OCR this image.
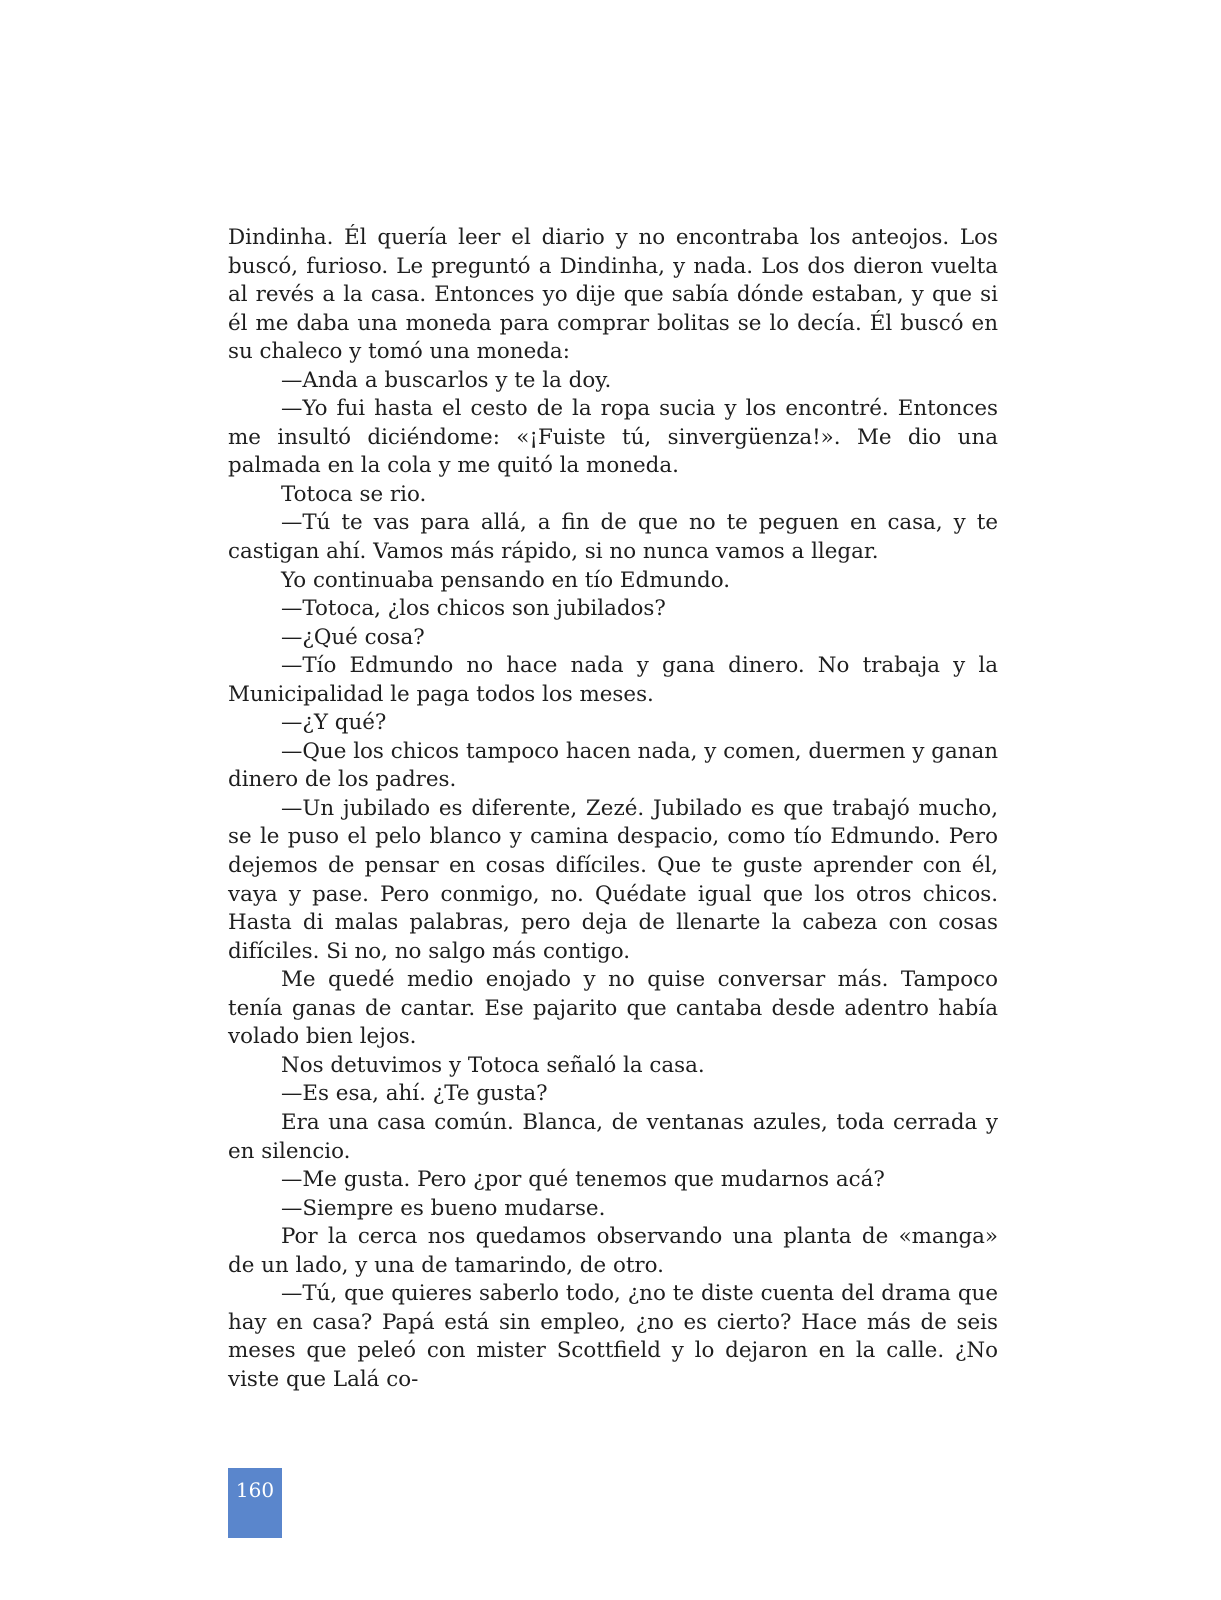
Dindinha. Él quería leer el diario y no encontraba los anteojos. Los buscó, furioso. Le preguntó a Dindinha, y nada. Los dos dieron vuelta al revés a la casa. Entonces yo dije que sabía dónde estaban, y que si él me daba una moneda para comprar bolitas se lo decía. Él buscó en su chaleco y tomó una moneda:

—Anda a buscarlos y te la doy.

—Yo fui hasta el cesto de la ropa sucia y los encontré. Entonces me insultó diciéndome: «¡Fuiste tú, sinvergüenza!». Me dio una palmada en la cola y me quitó la moneda.

Totoca se rio.

—Tú te vas para allá, a fin de que no te peguen en casa, y te castigan ahí. Vamos más rápido, si no nunca vamos a llegar.

Yo continuaba pensando en tío Edmundo.

—Totoca, ¿los chicos son jubilados?

—¿Qué cosa?

—Tío Edmundo no hace nada y gana dinero. No trabaja y la Municipalidad le paga todos los meses.

—¿Y qué?

—Que los chicos tampoco hacen nada, y comen, duermen y ganan dinero de los padres.

—Un jubilado es diferente, Zezé. Jubilado es que trabajó mucho, se le puso el pelo blanco y camina despacio, como tío Edmundo. Pero dejemos de pensar en cosas difíciles. Que te guste aprender con él, vaya y pase. Pero conmigo, no. Quédate igual que los otros chicos. Hasta di malas palabras, pero deja de llenarte la cabeza con cosas difíciles. Si no, no salgo más contigo.

Me quedé medio enojado y no quise conversar más. Tampoco tenía ganas de cantar. Ese pajarito que cantaba desde adentro había volado bien lejos.

Nos detuvimos y Totoca señaló la casa.

—Es esa, ahí. ¿Te gusta?

Era una casa común. Blanca, de ventanas azules, toda cerrada y en silencio.

—Me gusta. Pero ¿por qué tenemos que mudarnos acá?

—Siempre es bueno mudarse.

Por la cerca nos quedamos observando una planta de «manga» de un lado, y una de tamarindo, de otro.

—Tú, que quieres saberlo todo, ¿no te diste cuenta del drama que hay en casa? Papá está sin empleo, ¿no es cierto? Hace más de seis meses que peleó con mister Scottfield y lo dejaron en la calle. ¿No viste que Lalá co-

160
